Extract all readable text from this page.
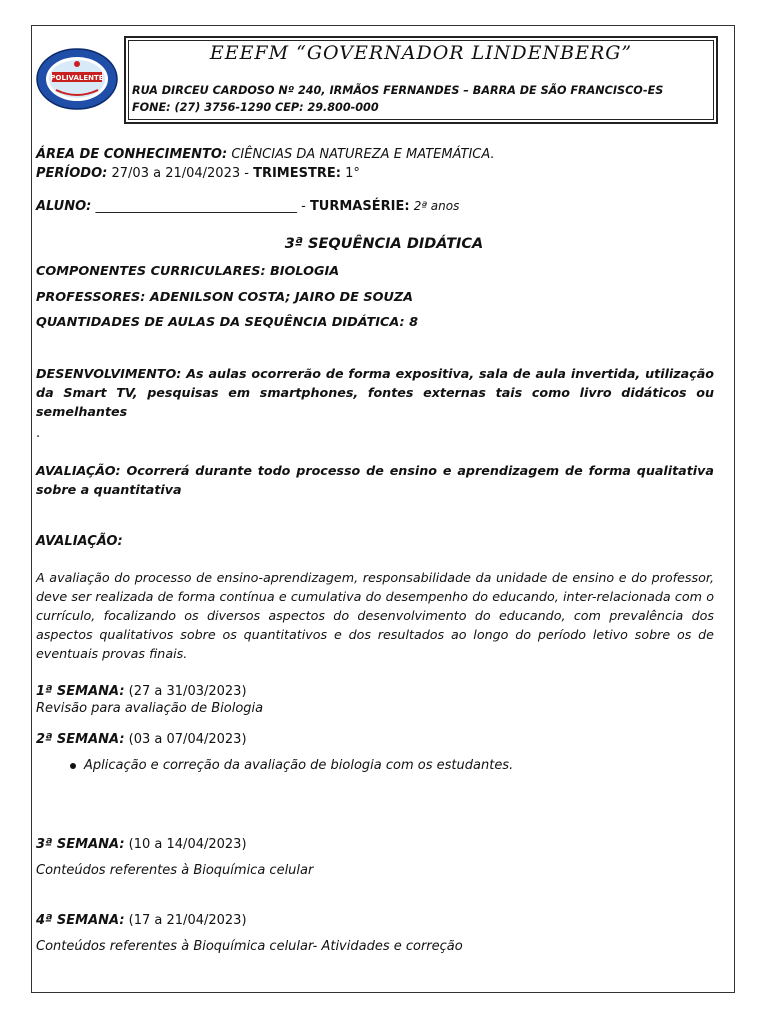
POLIVALENTE
EEEFM “GOVERNADOR LINDENBERG”
RUA DIRCEU CARDOSO Nº 240, IRMÃOS FERNANDES – BARRA DE SÃO FRANCISCO-ES
FONE: (27) 3756-1290 CEP: 29.800-000
ÁREA DE CONHECIMENTO: CIÊNCIAS DA NATUREZA E MATEMÁTICA.
PERÍODO: 27/03 a 21/04/2023 - TRIMESTRE: 1°
ALUNO: _______________________________ - TURMASÉRIE: 2ª anos
3ª SEQUÊNCIA DIDÁTICA
COMPONENTES CURRICULARES: BIOLOGIA
PROFESSORES: ADENILSON COSTA; JAIRO DE SOUZA
QUANTIDADES DE AULAS DA SEQUÊNCIA DIDÁTICA: 8
DESENVOLVIMENTO: As aulas ocorrerão de forma expositiva, sala de aula invertida, utilização da Smart TV, pesquisas em smartphones, fontes externas tais como livro didáticos ou semelhantes
.
AVALIAÇÃO: Ocorrerá durante todo processo de ensino e aprendizagem de forma qualitativa sobre a quantitativa
AVALIAÇÃO:
A avaliação do processo de ensino-aprendizagem, responsabilidade da unidade de ensino e do professor, deve ser realizada de forma contínua e cumulativa do desempenho do educando, inter-relacionada com o currículo, focalizando os diversos aspectos do desenvolvimento do educando, com prevalência dos aspectos qualitativos sobre os quantitativos e dos resultados ao longo do período letivo sobre os de eventuais provas finais.
1ª SEMANA: (27 a 31/03/2023)
Revisão para avaliação de Biologia
2ª SEMANA: (03 a 07/04/2023)
Aplicação e correção da avaliação de biologia com os estudantes.
3ª SEMANA: (10 a 14/04/2023)
Conteúdos referentes à Bioquímica celular
4ª SEMANA: (17 a 21/04/2023)
Conteúdos referentes à Bioquímica celular- Atividades e correção
